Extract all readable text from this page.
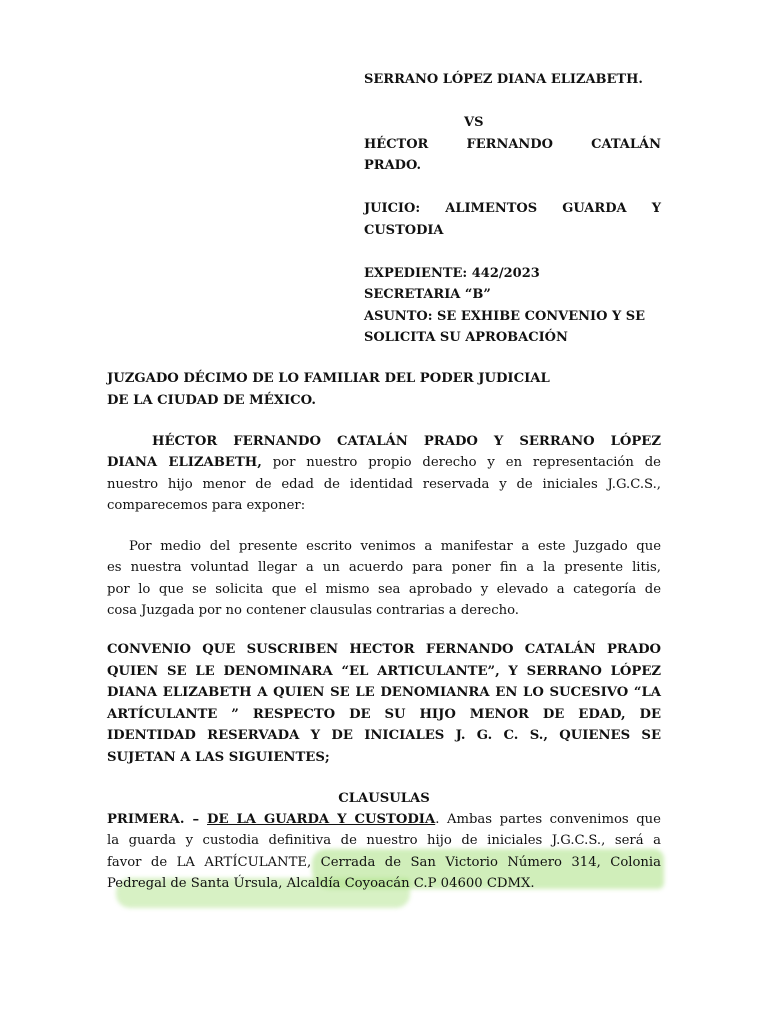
SERRANO LÓPEZ DIANA ELIZABETH.
VS
HÉCTOR	FERNANDO	CATALÁN
PRADO.
JUICIO: ALIMENTOS GUARDA Y
CUSTODIA
EXPEDIENTE: 442/2023
SECRETARIA “B”
ASUNTO: SE EXHIBE CONVENIO Y SE
SOLICITA SU APROBACIÓN
JUZGADO DÉCIMO DE LO FAMILIAR DEL PODER JUDICIAL
DE LA CIUDAD DE MÉXICO.
HÉCTOR FERNANDO CATALÁN PRADO Y SERRANO LÓPEZ
DIANA ELIZABETH, por nuestro propio derecho y en representación de
nuestro hijo menor de edad de identidad reservada y de iniciales J.G.C.S.,
comparecemos para exponer:
Por medio del presente escrito venimos a manifestar a este Juzgado que
es nuestra voluntad llegar a un acuerdo para poner fin a la presente litis,
por lo que se solicita que el mismo sea aprobado y elevado a categoría de
cosa Juzgada por no contener clausulas contrarias a derecho.
CONVENIO QUE SUSCRIBEN HECTOR FERNANDO CATALÁN PRADO
QUIEN SE LE DENOMINARA “EL ARTICULANTE”, Y SERRANO LÓPEZ
DIANA ELIZABETH A QUIEN SE LE DENOMIANRA EN LO SUCESIVO “LA
ARTÍCULANTE ” RESPECTO DE SU HIJO MENOR DE EDAD, DE
IDENTIDAD RESERVADA Y DE INICIALES J. G. C. S., QUIENES SE
SUJETAN A LAS SIGUIENTES;
CLAUSULAS
PRIMERA. – DE LA GUARDA Y CUSTODIA. Ambas partes convenimos que
la guarda y custodia definitiva de nuestro hijo de iniciales J.G.C.S., será a
favor de LA ARTÍCULANTE, Cerrada de San Victorio Número 314, Colonia
Pedregal de Santa Úrsula, Alcaldía Coyoacán C.P 04600 CDMX.
